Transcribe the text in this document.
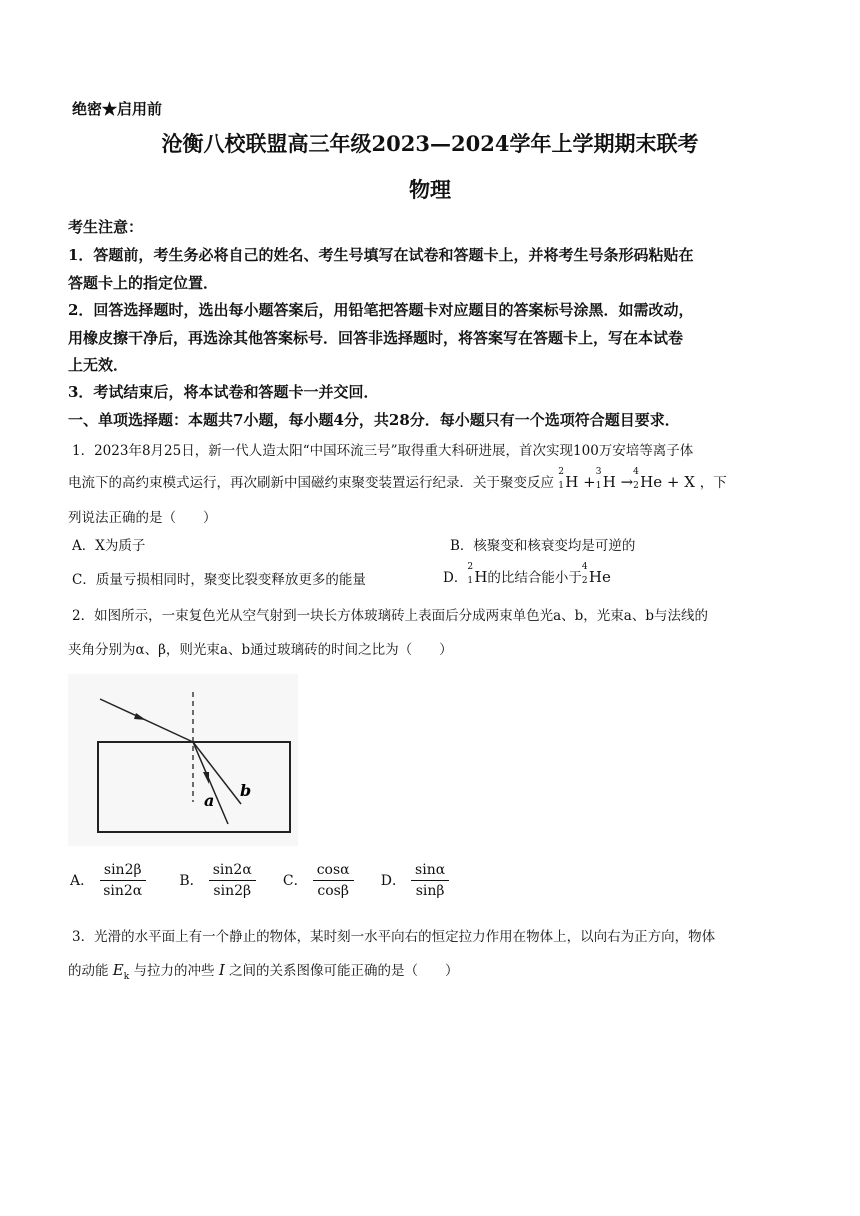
绝密★启用前
沧衡八校联盟高三年级2023—2024学年上学期期末联考
物理
考生注意：
1．答题前，考生务必将自己的姓名、考生号填写在试卷和答题卡上，并将考生号条形码粘贴在
答题卡上的指定位置．
2．回答选择题时，选出每小题答案后，用铅笔把答题卡对应题目的答案标号涂黑．如需改动，
用橡皮擦干净后，再选涂其他答案标号．回答非选择题时，将答案写在答题卡上，写在本试卷
上无效．
3．考试结束后，将本试卷和答题卡一并交回．
一、单项选择题：本题共7小题，每小题4分，共28分．每小题只有一个选项符合题目要求．
1．2023年8月25日，新一代人造太阳“中国环流三号”取得重大科研进展，首次实现100万安培等离子体
电流下的高约束模式运行，再次刷新中国磁约束聚变装置运行纪录．关于聚变反应
2
1 H +
3
1 H →
4
2 He + X ，下
列说法正确的是（　　）
A．X为质子	B．核聚变和核衰变均是可逆的
C．质量亏损相同时，聚变比裂变释放更多的能量	D．
2
1 H的比结合能小于
4
2 He
2．如图所示，一束复色光从空气射到一块长方体玻璃砖上表面后分成两束单色光a、b，光束a、b与法线的
夹角分别为α、β，则光束a、b通过玻璃砖的时间之比为（　　）
a
b
A． $\frac{\sin 2\beta}{\sin 2\alpha}$ B． $\frac{\sin 2\alpha}{\sin 2\beta}$ C． $\frac{\cos\alpha}{\cos\beta}$ D． $\frac{\sin\alpha}{\sin\beta}$
3．光滑的水平面上有一个静止的物体，某时刻一水平向右的恒定拉力作用在物体上，以向右为正方向，物体
的动能 $E_k$ 与拉力的冲些 I 之间的关系图像可能正确的是（　　）
